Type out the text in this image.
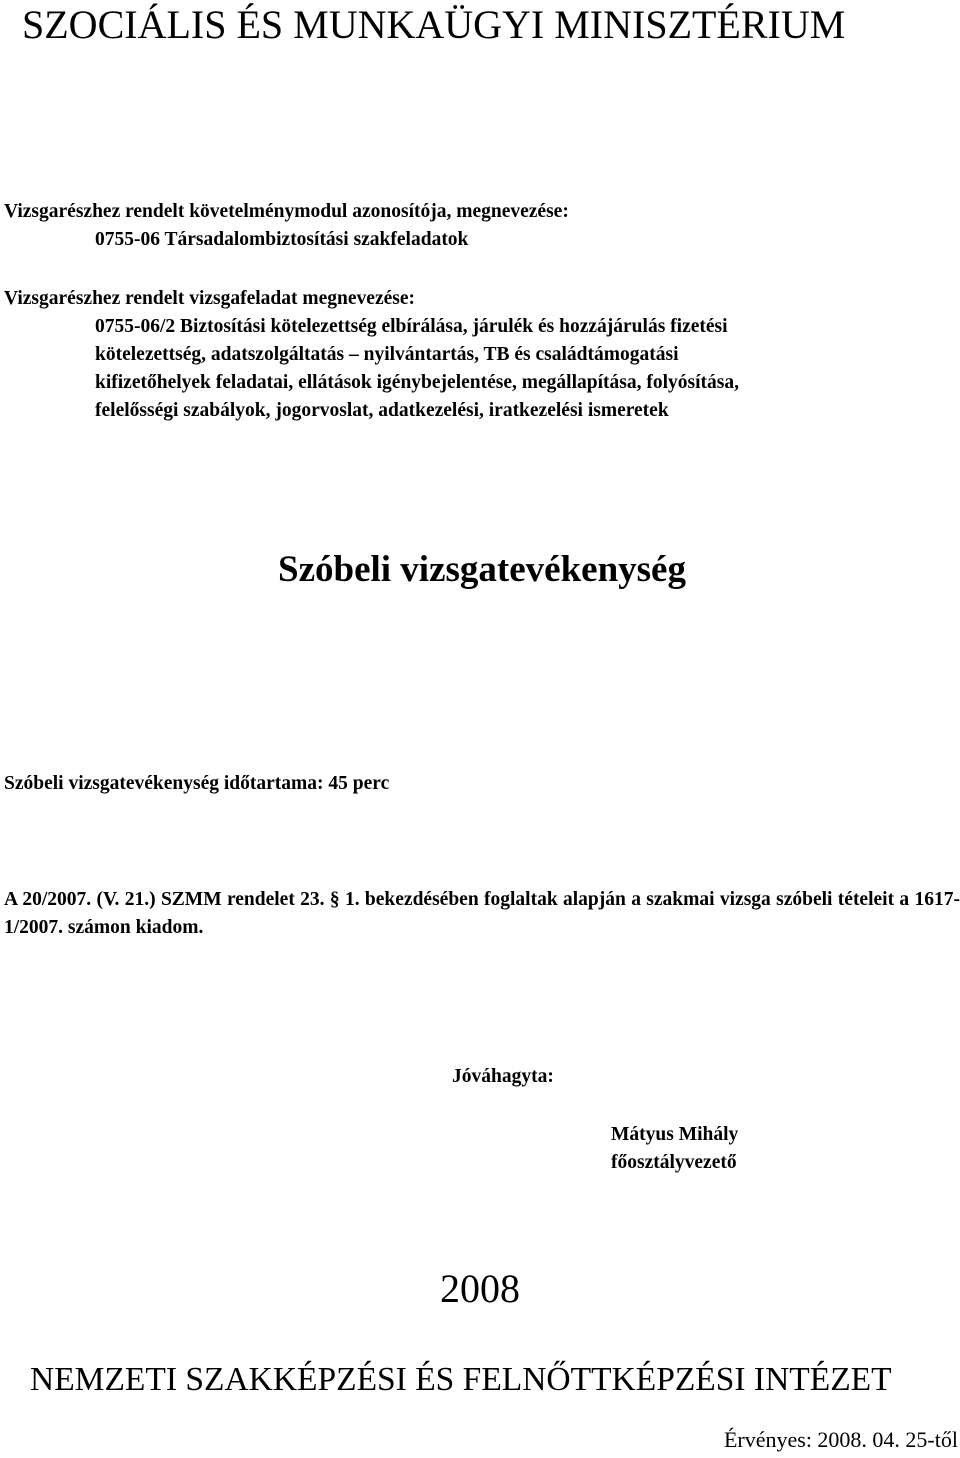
SZOCIÁLIS ÉS MUNKAÜGYI MINISZTÉRIUM

Vizsgarészhez rendelt követelménymodul azonosítója, megnevezése:

0755-06 Társadalombiztosítási szakfeladatok

Vizsgarészhez rendelt vizsgafeladat megnevezése:

0755-06/2 Biztosítási kötelezettség elbírálása, járulék és hozzájárulás fizetési

kötelezettség, adatszolgáltatás – nyilvántartás, TB és családtámogatási

kifizetőhelyek feladatai, ellátások igénybejelentése, megállapítása, folyósítása,

felelősségi szabályok, jogorvoslat, adatkezelési, iratkezelési ismeretek

Szóbeli vizsgatevékenység

Szóbeli vizsgatevékenység időtartama: 45 perc

A 20/2007. (V. 21.) SZMM rendelet 23. § 1. bekezdésében foglaltak alapján a szakmai vizsga szóbeli tételeit a 1617-1/2007. számon kiadom.

Jóváhagyta:

Mátyus Mihály

főosztályvezető

2008

NEMZETI SZAKKÉPZÉSI ÉS FELNŐTTKÉPZÉSI INTÉZET

Érvényes: 2008. 04. 25-től
